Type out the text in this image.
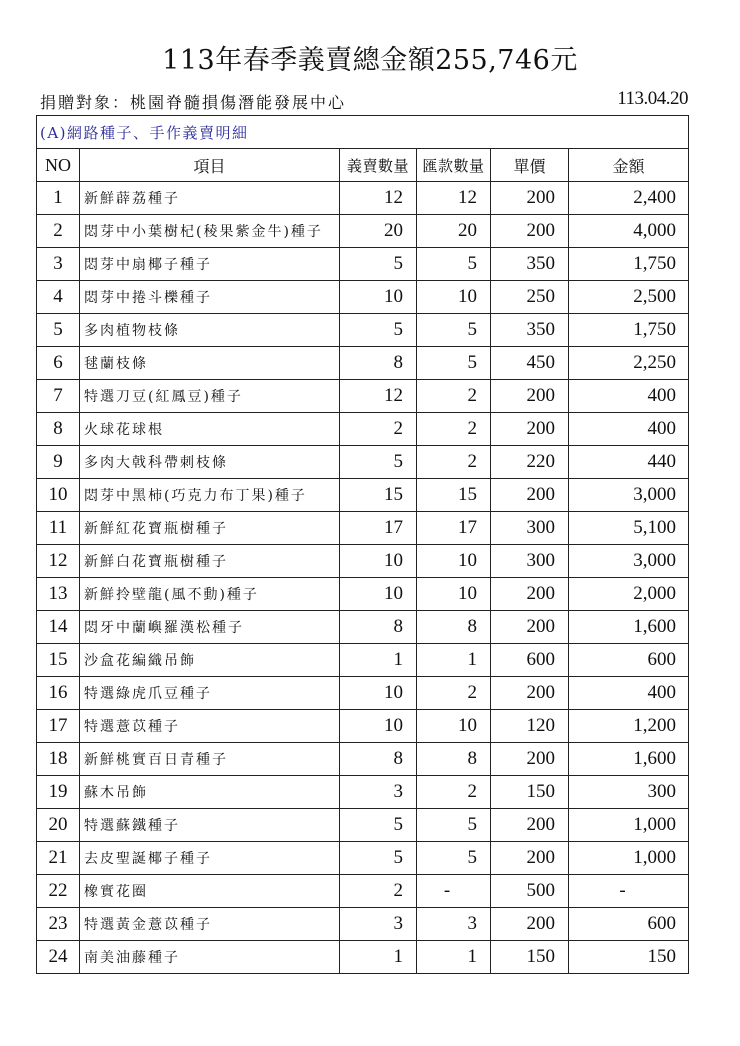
113年春季義賣總金額255,746元
捐贈對象：桃園脊髓損傷潛能發展中心	113.04.20
(A)網路種子、手作義賣明細					
NO	項目	義賣數量	匯款數量	單價	金額
1	新鮮薜荔種子	12	12	200	2,400
2	悶芽中小葉樹杞(稜果紫金牛)種子	20	20	200	4,000
3	悶芽中扇椰子種子	5	5	350	1,750
4	悶芽中捲斗櫟種子	10	10	250	2,500
5	多肉植物枝條	5	5	350	1,750
6	毬蘭枝條	8	5	450	2,250
7	特選刀豆(紅鳳豆)種子	12	2	200	400
8	火球花球根	2	2	200	400
9	多肉大戟科帶刺枝條	5	2	220	440
10	悶芽中黑柿(巧克力布丁果)種子	15	15	200	3,000
11	新鮮紅花寶瓶樹種子	17	17	300	5,100
12	新鮮白花寶瓶樹種子	10	10	300	3,000
13	新鮮拎壁龍(風不動)種子	10	10	200	2,000
14	悶牙中蘭嶼羅漢松種子	8	8	200	1,600
15	沙盒花編織吊飾	1	1	600	600
16	特選綠虎爪豆種子	10	2	200	400
17	特選薏苡種子	10	10	120	1,200
18	新鮮桃實百日青種子	8	8	200	1,600
19	蘇木吊飾	3	2	150	300
20	特選蘇鐵種子	5	5	200	1,000
21	去皮聖誕椰子種子	5	5	200	1,000
22	橡實花圈	2	-	500	-
23	特選黃金薏苡種子	3	3	200	600
24	南美油藤種子	1	1	150	150
